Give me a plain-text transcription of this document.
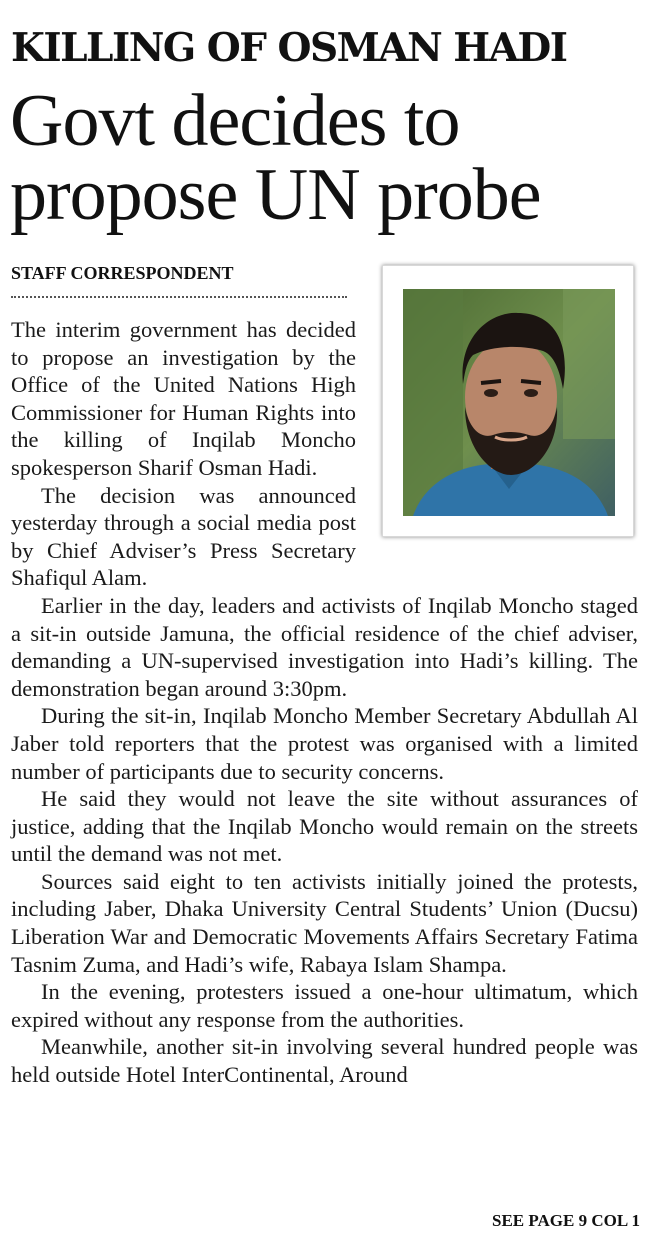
KILLING OF OSMAN HADI
Govt decides to
propose UN probe
STAFF CORRESPONDENT

The interim government has decided to propose an investigation by the Office of the United Nations High Commissioner for Human Rights into the killing of Inqilab Moncho spokesperson Sharif Osman Hadi.

The decision was announced yesterday through a social media post by Chief Adviser’s Press Secretary Shafiqul Alam.

Earlier in the day, leaders and activists of Inqilab Moncho staged a sit-in outside Jamuna, the official residence of the chief adviser, demanding a UN-supervised investigation into Hadi’s killing. The demonstration began around 3:30pm.

During the sit-in, Inqilab Moncho Member Secretary Abdullah Al Jaber told reporters that the protest was organised with a limited number of participants due to security concerns.

He said they would not leave the site without assurances of justice, adding that the Inqilab Moncho would remain on the streets until the demand was not met.

Sources said eight to ten activists initially joined the protests, including Jaber, Dhaka University Central Students’ Union (Ducsu) Liberation War and Democratic Movements Affairs Secretary Fatima Tasnim Zuma, and Hadi’s wife, Rabaya Islam Shampa.

In the evening, protesters issued a one-hour ultimatum, which expired without any response from the authorities.

Meanwhile, another sit-in involving several hundred people was held outside Hotel InterContinental, Around

SEE PAGE 9 COL 1
